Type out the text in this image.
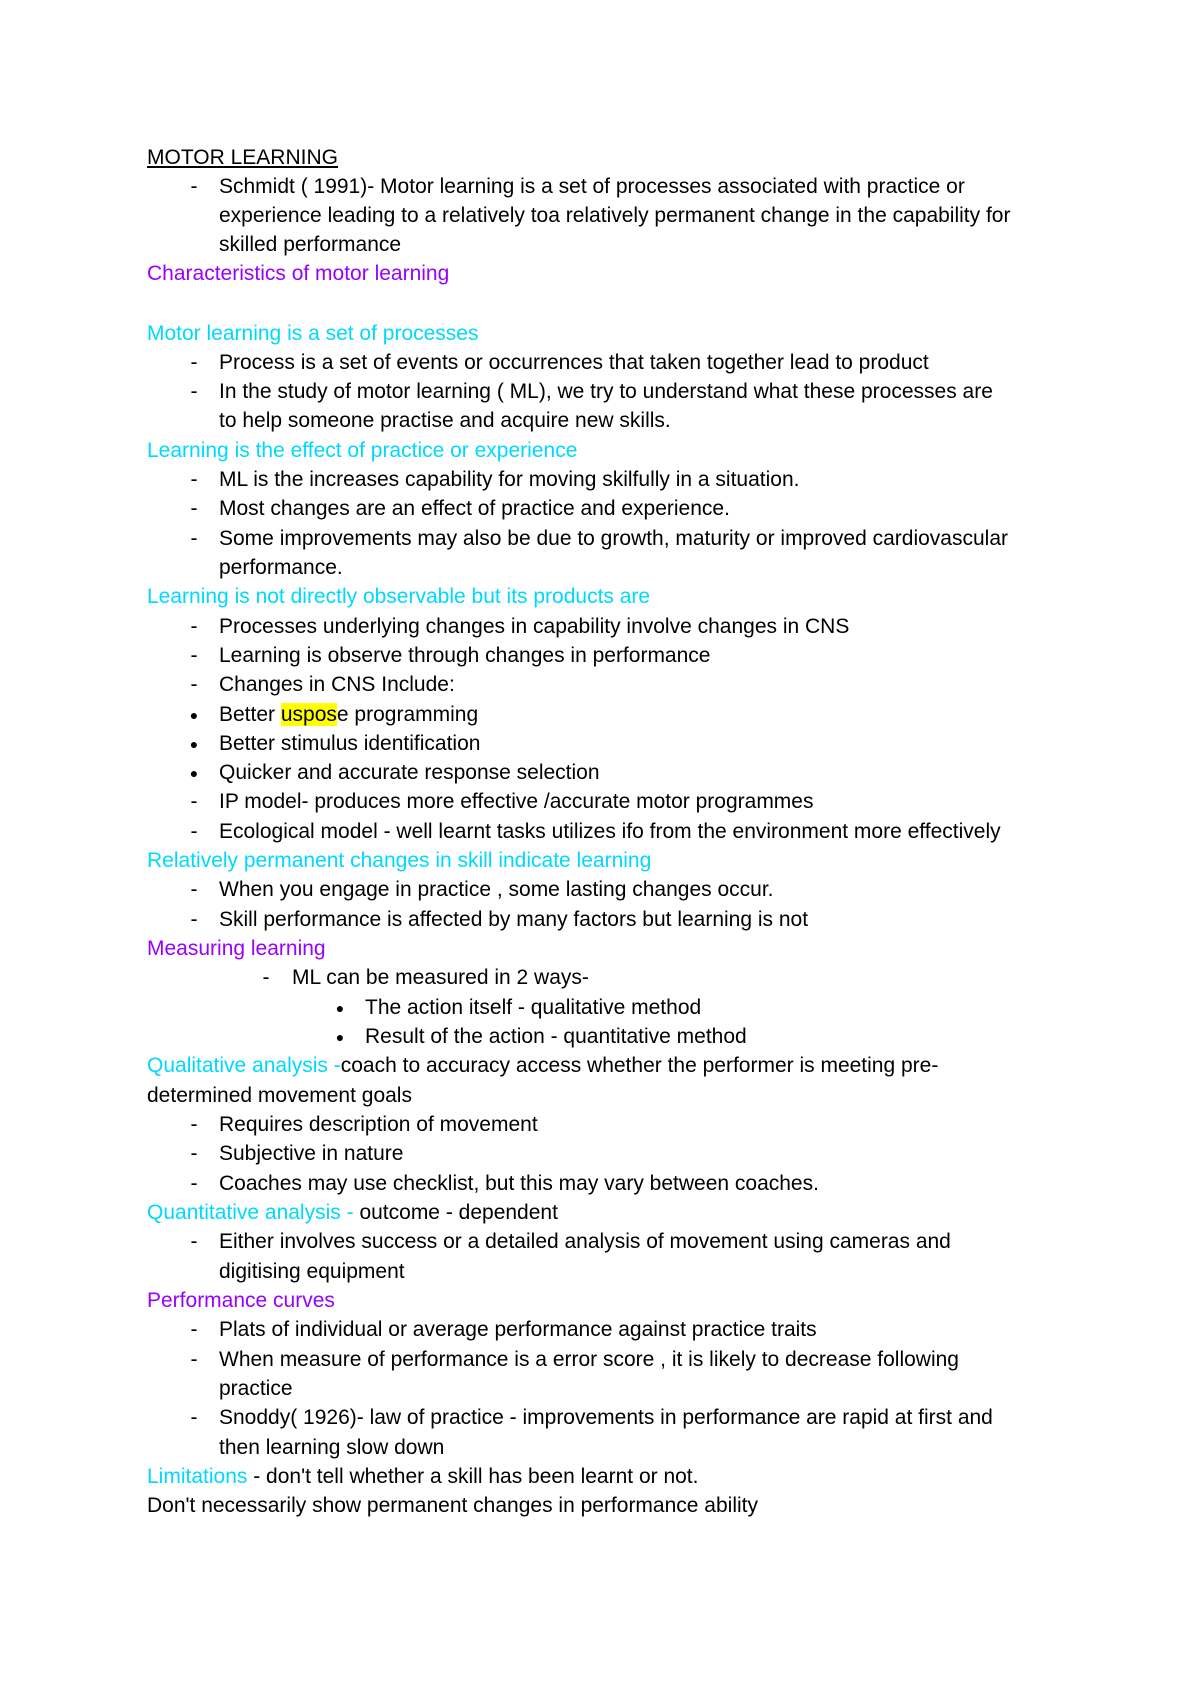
MOTOR LEARNING
- Schmidt ( 1991)- Motor learning is a set of processes associated with practice or
experience leading to a relatively toa relatively permanent change in the capability for
skilled performance
Characteristics of motor learning
Motor learning is a set of processes
- Process is a set of events or occurrences that taken together lead to product
- In the study of motor learning ( ML), we try to understand what these processes are
to help someone practise and acquire new skills.
Learning is the effect of practice or experience
- ML is the increases capability for moving skilfully in a situation.
- Most changes are an effect of practice and experience.
- Some improvements may also be due to growth, maturity or improved cardiovascular
performance.
Learning is not directly observable but its products are
- Processes underlying changes in capability involve changes in CNS
- Learning is observe through changes in performance
- Changes in CNS Include:
● Better uspose programming
● Better stimulus identification
● Quicker and accurate response selection
- IP model- produces more effective /accurate motor programmes
- Ecological model - well learnt tasks utilizes ifo from the environment more effectively
Relatively permanent changes in skill indicate learning
- When you engage in practice , some lasting changes occur.
- Skill performance is affected by many factors but learning is not
Measuring learning
- ML can be measured in 2 ways-
● The action itself - qualitative method
● Result of the action - quantitative method
Qualitative analysis -coach to accuracy access whether the performer is meeting pre-
determined movement goals
- Requires description of movement
- Subjective in nature
- Coaches may use checklist, but this may vary between coaches.
Quantitative analysis - outcome - dependent
- Either involves success or a detailed analysis of movement using cameras and
digitising equipment
Performance curves
- Plats of individual or average performance against practice traits
- When measure of performance is a error score , it is likely to decrease following
practice
- Snoddy( 1926)- law of practice - improvements in performance are rapid at first and
then learning slow down
Limitations - don't tell whether a skill has been learnt or not.
Don't necessarily show permanent changes in performance ability
